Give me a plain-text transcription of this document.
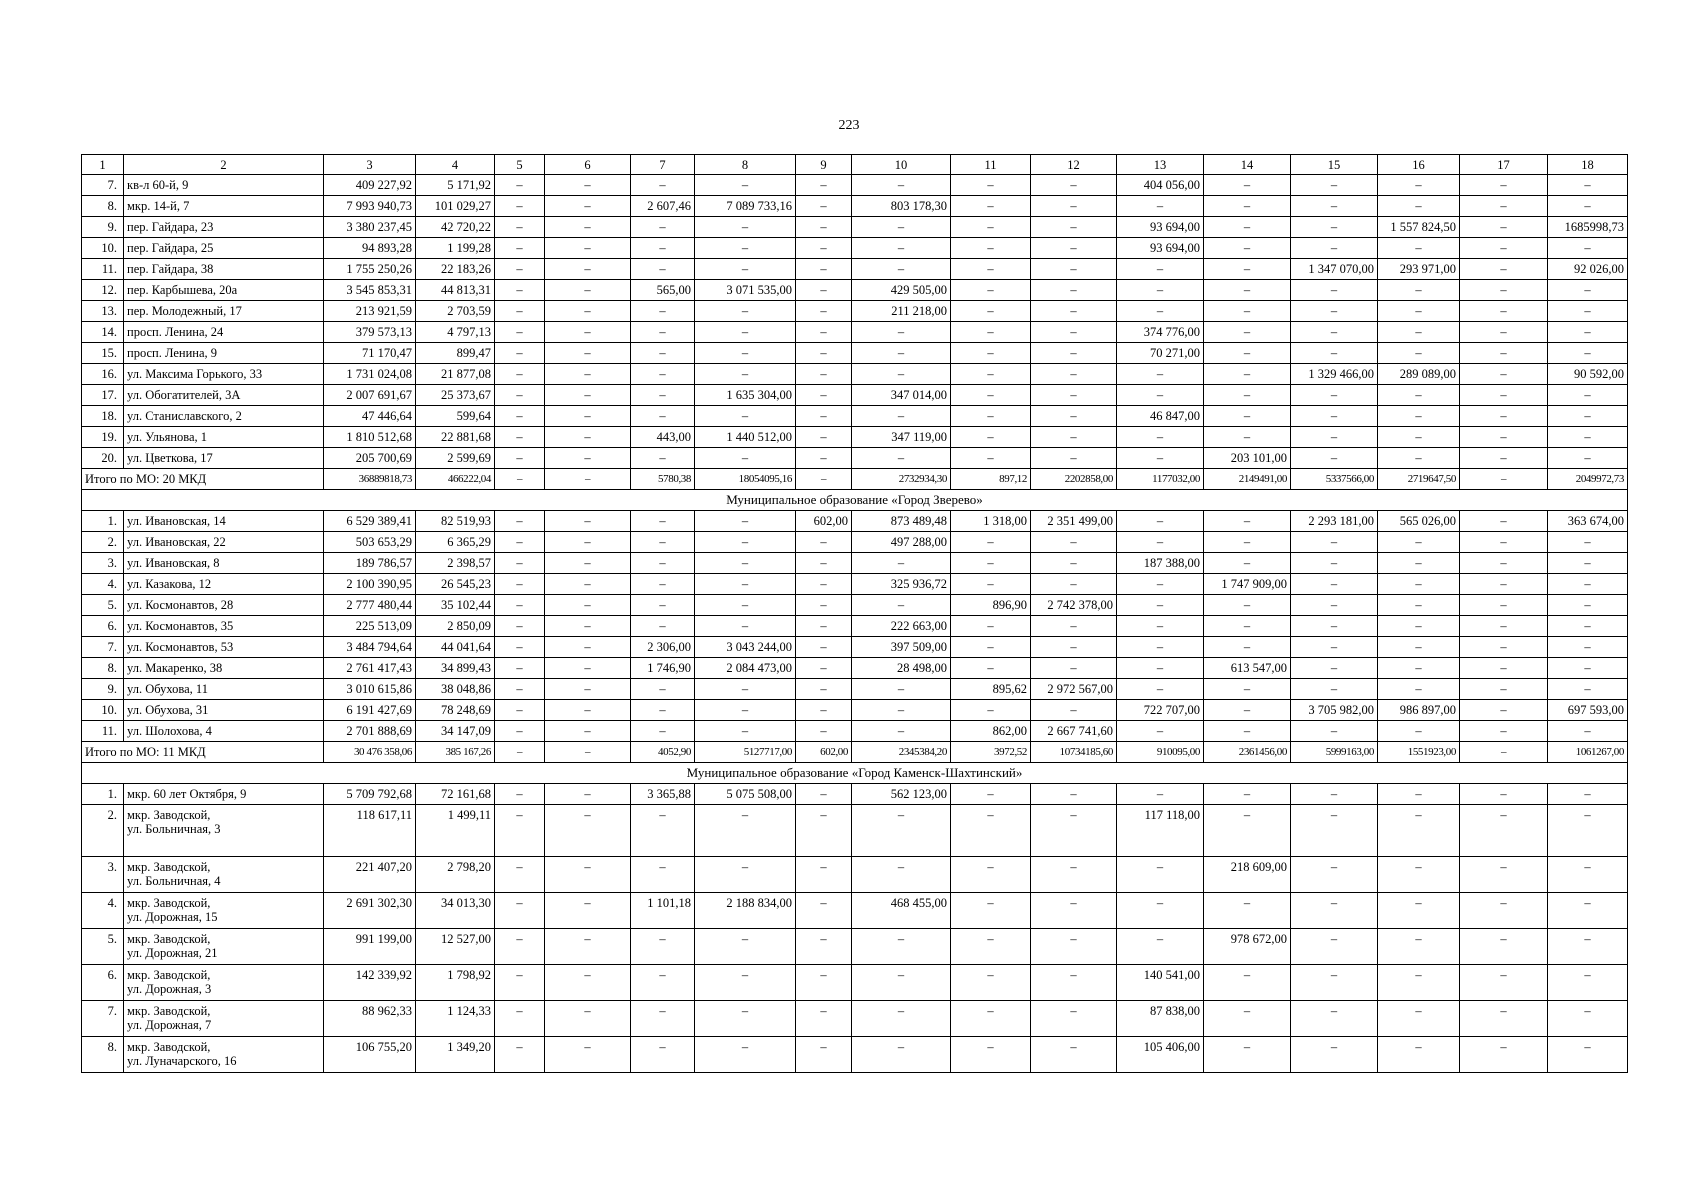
223
1	2	3	4	5	6	7	8	9	10	11	12	13	14	15	16	17	18
7.	кв-л 60-й, 9	409 227,92	5 171,92	–	–	–	–	–	–	–	–	404 056,00	–	–	–	–	–
8.	мкр. 14-й, 7	7 993 940,73	101 029,27	–	–	2 607,46	7 089 733,16	–	803 178,30	–	–	–	–	–	–	–	–
9.	пер. Гайдара, 23	3 380 237,45	42 720,22	–	–	–	–	–	–	–	–	93 694,00	–	–	1 557 824,50	–	1685998,73
10.	пер. Гайдара, 25	94 893,28	1 199,28	–	–	–	–	–	–	–	–	93 694,00	–	–	–	–	–
11.	пер. Гайдара, 38	1 755 250,26	22 183,26	–	–	–	–	–	–	–	–	–	–	1 347 070,00	293 971,00	–	92 026,00
12.	пер. Карбышева, 20а	3 545 853,31	44 813,31	–	–	565,00	3 071 535,00	–	429 505,00	–	–	–	–	–	–	–	–
13.	пер. Молодежный, 17	213 921,59	2 703,59	–	–	–	–	–	211 218,00	–	–	–	–	–	–	–	–
14.	просп. Ленина, 24	379 573,13	4 797,13	–	–	–	–	–	–	–	–	374 776,00	–	–	–	–	–
15.	просп. Ленина, 9	71 170,47	899,47	–	–	–	–	–	–	–	–	70 271,00	–	–	–	–	–
16.	ул. Максима Горького, 33	1 731 024,08	21 877,08	–	–	–	–	–	–	–	–	–	–	1 329 466,00	289 089,00	–	90 592,00
17.	ул. Обогатителей, 3А	2 007 691,67	25 373,67	–	–	–	1 635 304,00	–	347 014,00	–	–	–	–	–	–	–	–
18.	ул. Станиславского, 2	47 446,64	599,64	–	–	–	–	–	–	–	–	46 847,00	–	–	–	–	–
19.	ул. Ульянова, 1	1 810 512,68	22 881,68	–	–	443,00	1 440 512,00	–	347 119,00	–	–	–	–	–	–	–	–
20.	ул. Цветкова, 17	205 700,69	2 599,69	–	–	–	–	–	–	–	–	–	203 101,00	–	–	–	–
Итого по МО: 20 МКД		36889818,73	466222,04	–	–	5780,38	18054095,16	–	2732934,30	897,12	2202858,00	1177032,00	2149491,00	5337566,00	2719647,50	–	2049972,73
Муниципальное образование «Город Зверево»																	
1.	ул. Ивановская, 14	6 529 389,41	82 519,93	–	–	–	–	602,00	873 489,48	1 318,00	2 351 499,00	–	–	2 293 181,00	565 026,00	–	363 674,00
2.	ул. Ивановская, 22	503 653,29	6 365,29	–	–	–	–	–	497 288,00	–	–	–	–	–	–	–	–
3.	ул. Ивановская, 8	189 786,57	2 398,57	–	–	–	–	–	–	–	–	187 388,00	–	–	–	–	–
4.	ул. Казакова, 12	2 100 390,95	26 545,23	–	–	–	–	–	325 936,72	–	–	–	1 747 909,00	–	–	–	–
5.	ул. Космонавтов, 28	2 777 480,44	35 102,44	–	–	–	–	–	–	896,90	2 742 378,00	–	–	–	–	–	–
6.	ул. Космонавтов, 35	225 513,09	2 850,09	–	–	–	–	–	222 663,00	–	–	–	–	–	–	–	–
7.	ул. Космонавтов, 53	3 484 794,64	44 041,64	–	–	2 306,00	3 043 244,00	–	397 509,00	–	–	–	–	–	–	–	–
8.	ул. Макаренко, 38	2 761 417,43	34 899,43	–	–	1 746,90	2 084 473,00	–	28 498,00	–	–	–	613 547,00	–	–	–	–
9.	ул. Обухова, 11	3 010 615,86	38 048,86	–	–	–	–	–	–	895,62	2 972 567,00	–	–	–	–	–	–
10.	ул. Обухова, 31	6 191 427,69	78 248,69	–	–	–	–	–	–	–	–	722 707,00	–	3 705 982,00	986 897,00	–	697 593,00
11.	ул. Шолохова, 4	2 701 888,69	34 147,09	–	–	–	–	–	–	862,00	2 667 741,60	–	–	–	–	–	–
Итого по МО: 11 МКД		30 476 358,06	385 167,26	–	–	4052,90	5127717,00	602,00	2345384,20	3972,52	10734185,60	910095,00	2361456,00	5999163,00	1551923,00	–	1061267,00
Муниципальное образование «Город Каменск-Шахтинский»																	
1.	мкр. 60 лет Октября, 9	5 709 792,68	72 161,68	–	–	3 365,88	5 075 508,00	–	562 123,00	–	–	–	–	–	–	–	–
2.	мкр. Заводской,
ул. Больничная, 3	118 617,11	1 499,11	–	–	–	–	–	–	–	–	117 118,00	–	–	–	–	–
3.	мкр. Заводской,
ул. Больничная, 4	221 407,20	2 798,20	–	–	–	–	–	–	–	–	–	218 609,00	–	–	–	–
4.	мкр. Заводской,
ул. Дорожная, 15	2 691 302,30	34 013,30	–	–	1 101,18	2 188 834,00	–	468 455,00	–	–	–	–	–	–	–	–
5.	мкр. Заводской,
ул. Дорожная, 21	991 199,00	12 527,00	–	–	–	–	–	–	–	–	–	978 672,00	–	–	–	–
6.	мкр. Заводской,
ул. Дорожная, 3	142 339,92	1 798,92	–	–	–	–	–	–	–	–	140 541,00	–	–	–	–	–
7.	мкр. Заводской,
ул. Дорожная, 7	88 962,33	1 124,33	–	–	–	–	–	–	–	–	87 838,00	–	–	–	–	–
8.	мкр. Заводской,
ул. Луначарского, 16	106 755,20	1 349,20	–	–	–	–	–	–	–	–	105 406,00	–	–	–	–	–
